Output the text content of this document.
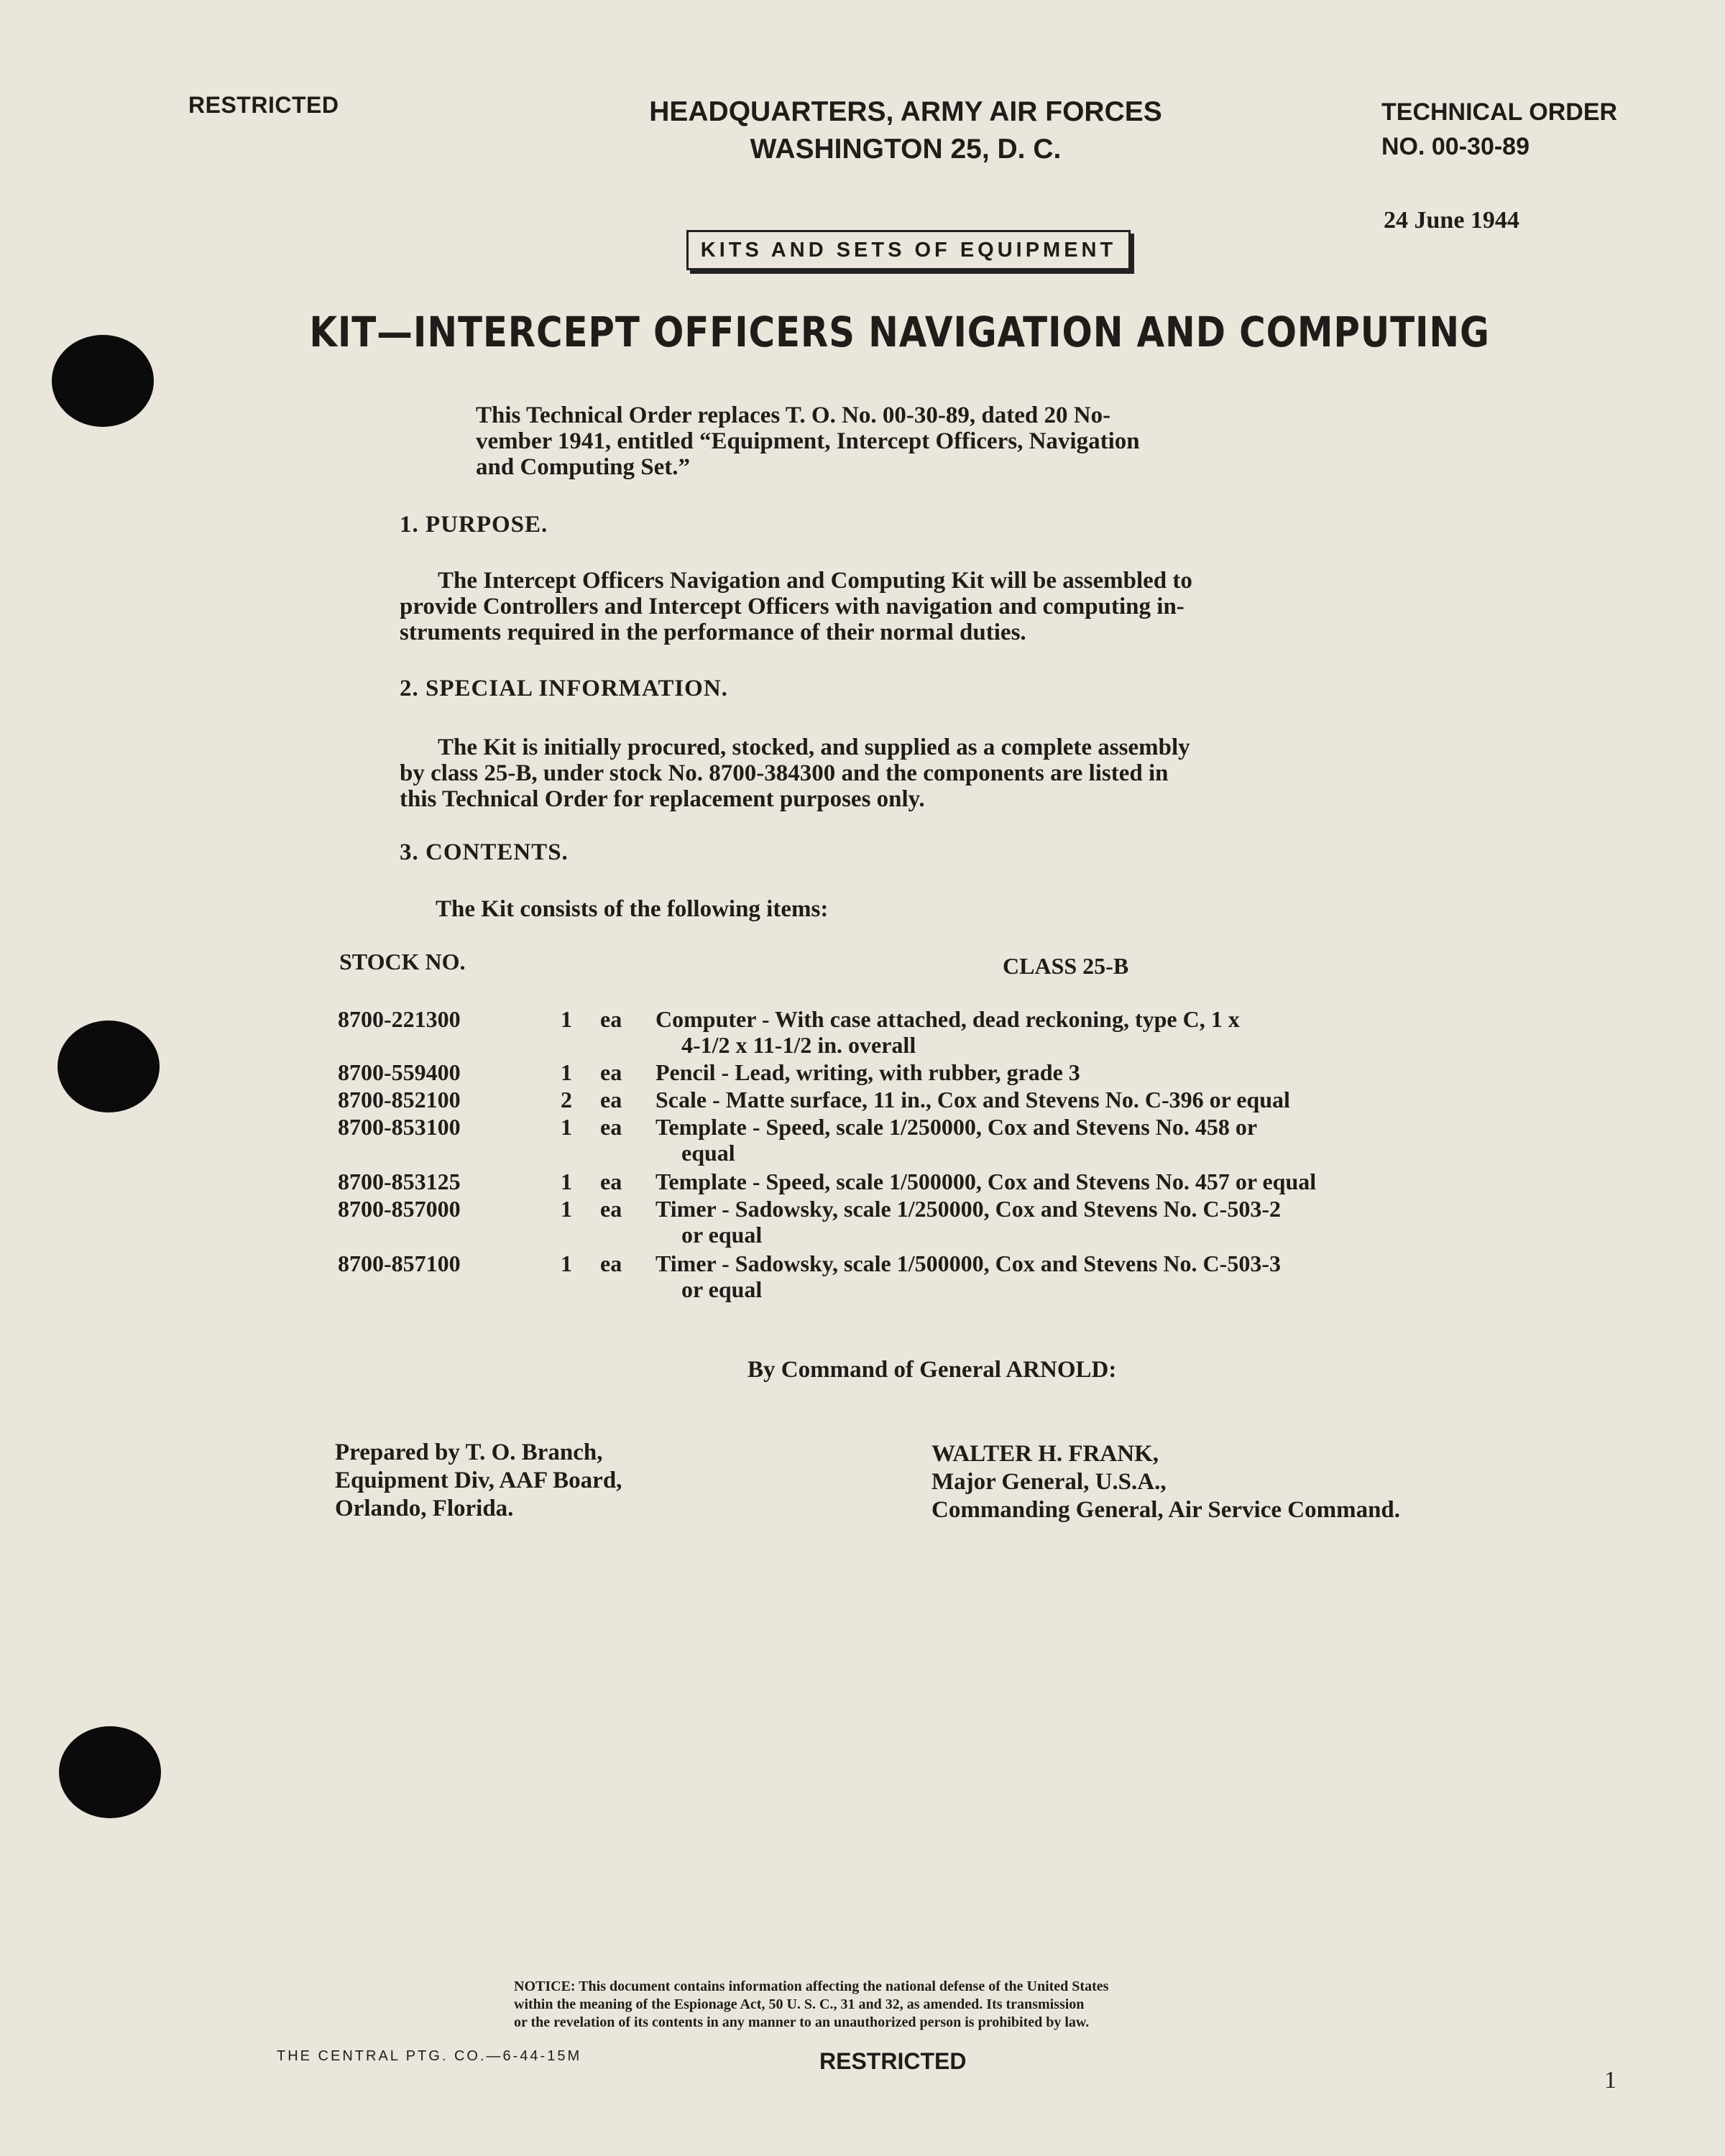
RESTRICTED	HEADQUARTERS, ARMY AIR FORCES
WASHINGTON 25, D. C.
TECHNICAL ORDER
NO. 00-30-89
24 June 1944
KITS AND SETS OF EQUIPMENT
KIT—INTERCEPT OFFICERS NAVIGATION AND COMPUTING
This Technical Order replaces T. O. No. 00-30-89, dated 20 No-
vember 1941, entitled “Equipment, Intercept Officers, Navigation
and Computing Set.”
1. PURPOSE.
The Intercept Officers Navigation and Computing Kit will be assembled to
provide Controllers and Intercept Officers with navigation and computing in-
struments required in the performance of their normal duties.
2. SPECIAL INFORMATION.
The Kit is initially procured, stocked, and supplied as a complete assembly
by class 25-B, under stock No. 8700-384300 and the components are listed in
this Technical Order for replacement purposes only.
3. CONTENTS.
The Kit consists of the following items:
STOCK NO.	CLASS 25-B
8700-221300	1	ea	Computer - With case attached, dead reckoning, type C, 1 x
4-1/2 x 11-1/2 in. overall
8700-559400	1	ea	Pencil - Lead, writing, with rubber, grade 3
8700-852100	2	ea	Scale - Matte surface, 11 in., Cox and Stevens No. C-396 or equal
8700-853100	1	ea	Template - Speed, scale 1/250000, Cox and Stevens No. 458 or
equal
8700-853125	1	ea	Template - Speed, scale 1/500000, Cox and Stevens No. 457 or equal
8700-857000	1	ea	Timer - Sadowsky, scale 1/250000, Cox and Stevens No. C-503-2
or equal
8700-857100	1	ea	Timer - Sadowsky, scale 1/500000, Cox and Stevens No. C-503-3
or equal
By Command of General ARNOLD:
Prepared by T. O. Branch,
Equipment Div, AAF Board,
Orlando, Florida.
WALTER H. FRANK,
Major General, U.S.A.,
Commanding General, Air Service Command.
NOTICE: This document contains information affecting the national defense of the United States
within the meaning of the Espionage Act, 50 U. S. C., 31 and 32, as amended. Its transmission
or the revelation of its contents in any manner to an unauthorized person is prohibited by law.
THE CENTRAL PTG. CO.—6-44-15M	RESTRICTED
1
